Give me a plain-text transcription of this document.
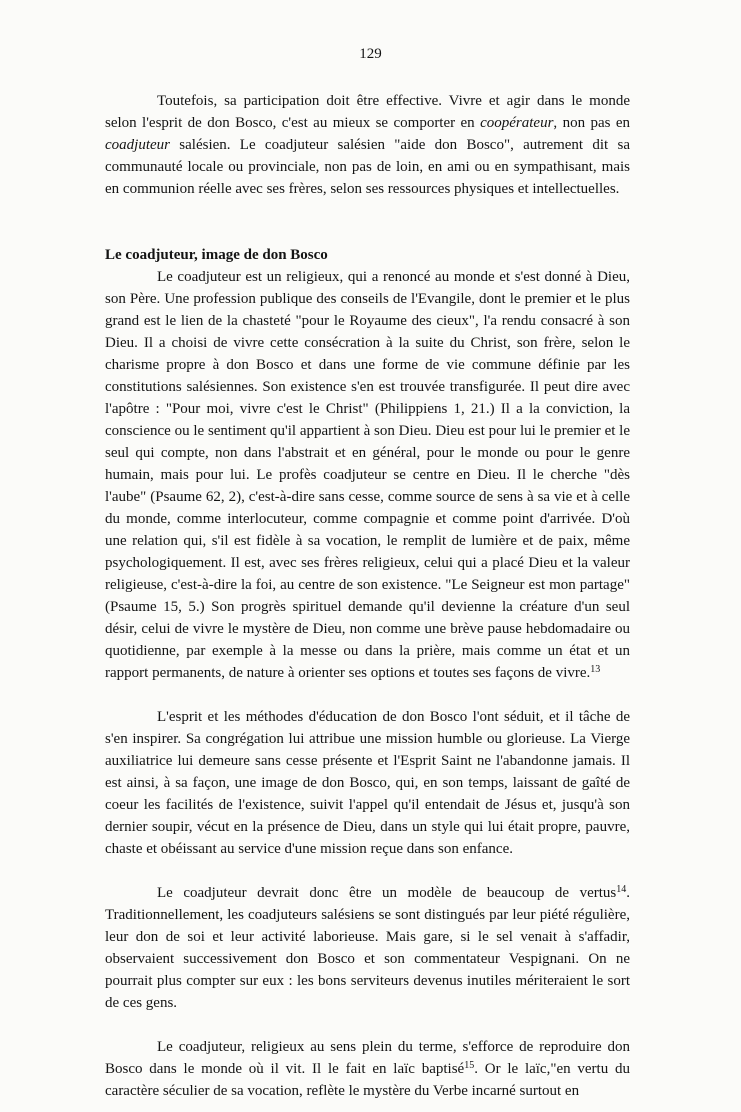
129

Toutefois, sa participation doit être effective. Vivre et agir dans le monde selon l'esprit de don Bosco, c'est au mieux se comporter en coopérateur, non pas en coadjuteur salésien. Le coadjuteur salésien "aide don Bosco", autrement dit sa communauté locale ou provinciale, non pas de loin, en ami ou en sympathisant, mais en communion réelle avec ses frères, selon ses ressources physiques et intellectuelles.

Le coadjuteur, image de don Bosco

Le coadjuteur est un religieux, qui a renoncé au monde et s'est donné à Dieu, son Père. Une profession publique des conseils de l'Evangile, dont le premier et le plus grand est le lien de la chasteté "pour le Royaume des cieux", l'a rendu consacré à son Dieu. Il a choisi de vivre cette consécration à la suite du Christ, son frère, selon le charisme propre à don Bosco et dans une forme de vie commune définie par les constitutions salésiennes. Son existence s'en est trouvée transfigurée. Il peut dire avec l'apôtre : "Pour moi, vivre c'est le Christ" (Philippiens 1, 21.) Il a la conviction, la conscience ou le sentiment qu'il appartient à son Dieu. Dieu est pour lui le premier et le seul qui compte, non dans l'abstrait et en général, pour le monde ou pour le genre humain, mais pour lui. Le profès coadjuteur se centre en Dieu. Il le cherche "dès l'aube" (Psaume 62, 2), c'est-à-dire sans cesse, comme source de sens à sa vie et à celle du monde, comme interlocuteur, comme compagnie et comme point d'arrivée. D'où une relation qui, s'il est fidèle à sa vocation, le remplit de lumière et de paix, même psychologiquement. Il est, avec ses frères religieux, celui qui a placé Dieu et la valeur religieuse, c'est-à-dire la foi, au centre de son existence. "Le Seigneur est mon partage" (Psaume 15, 5.) Son progrès spirituel demande qu'il devienne la créature d'un seul désir, celui de vivre le mystère de Dieu, non comme une brève pause hebdomadaire ou quotidienne, par exemple à la messe ou dans la prière, mais comme un état et un rapport permanents, de nature à orienter ses options et toutes ses façons de vivre.$^{13}$

L'esprit et les méthodes d'éducation de don Bosco l'ont séduit, et il tâche de s'en inspirer. Sa congrégation lui attribue une mission humble ou glorieuse. La Vierge auxiliatrice lui demeure sans cesse présente et l'Esprit Saint ne l'abandonne jamais. Il est ainsi, à sa façon, une image de don Bosco, qui, en son temps, laissant de gaîté de coeur les facilités de l'existence, suivit l'appel qu'il entendait de Jésus et, jusqu'à son dernier soupir, vécut en la présence de Dieu, dans un style qui lui était propre, pauvre, chaste et obéissant au service d'une mission reçue dans son enfance.

Le coadjuteur devrait donc être un modèle de beaucoup de vertus$^{14}$. Traditionnellement, les coadjuteurs salésiens se sont distingués par leur piété régulière, leur don de soi et leur activité laborieuse. Mais gare, si le sel venait à s'affadir, observaient successivement don Bosco et son commentateur Vespignani. On ne pourrait plus compter sur eux : les bons serviteurs devenus inutiles mériteraient le sort de ces gens.

Le coadjuteur, religieux au sens plein du terme, s'efforce de reproduire don Bosco dans le monde où il vit. Il le fait en laïc baptisé$^{15}$. Or le laïc,"en vertu du caractère séculier de sa vocation, reflète le mystère du Verbe incarné surtout en
